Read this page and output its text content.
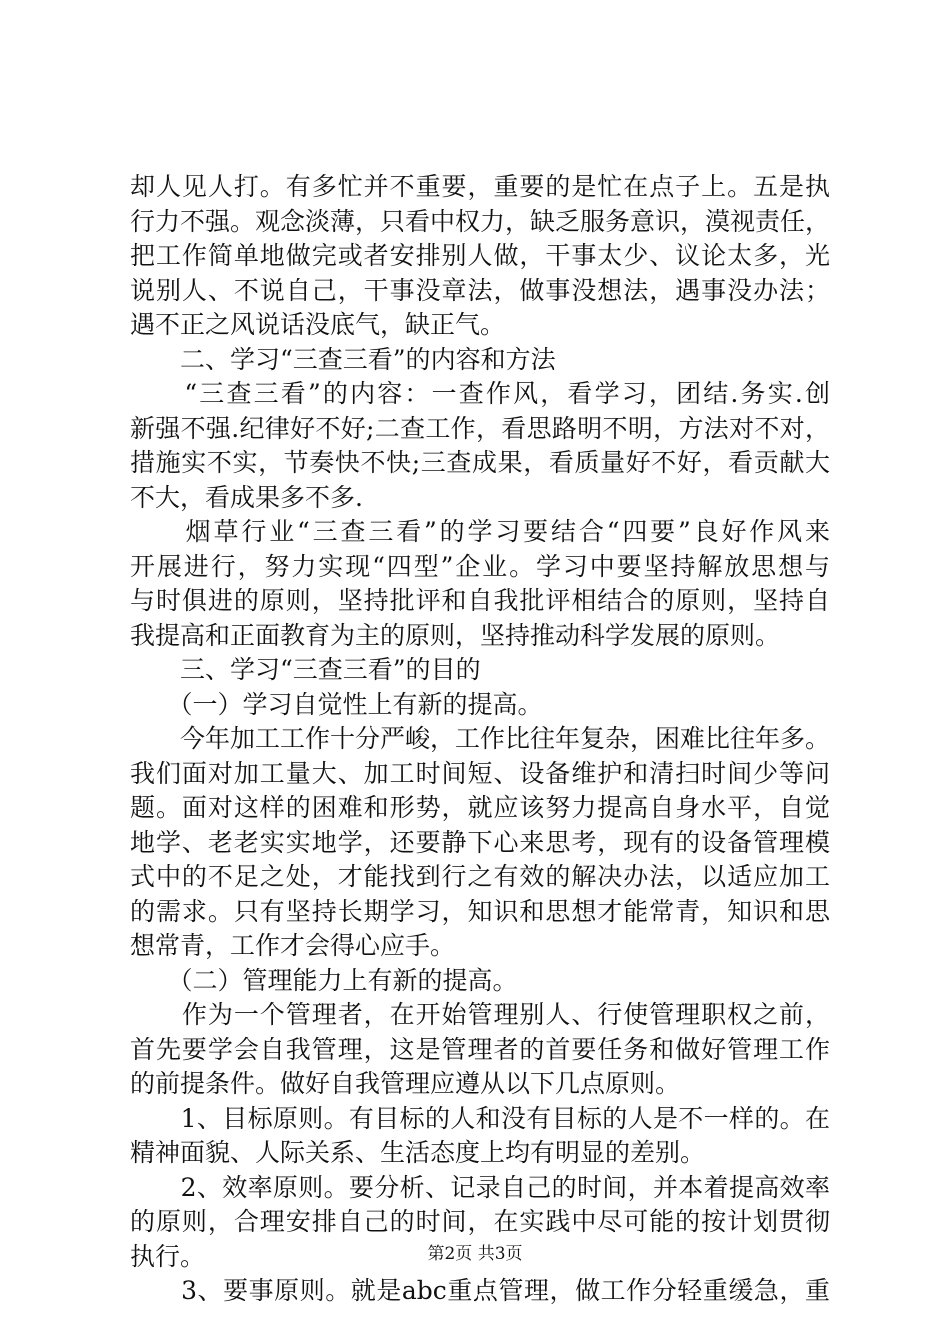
却人见人打。有多忙并不重要，重要的是忙在点子上。五是执
行力不强。观念淡薄，只看中权力，缺乏服务意识，漠视责任，
把工作简单地做完或者安排别人做，干事太少、议论太多，光
说别人、不说自己，干事没章法，做事没想法，遇事没办法；
遇不正之风说话没底气，缺正气。
　　二、学习“三查三看”的内容和方法
　　“三查三看”的内容：一查作风，看学习，团结.务实.创
新强不强.纪律好不好;二查工作，看思路明不明，方法对不对，
措施实不实，节奏快不快;三查成果，看质量好不好，看贡献大
不大，看成果多不多.
　　烟草行业“三查三看”的学习要结合“四要”良好作风来
开展进行，努力实现“四型”企业。学习中要坚持解放思想与
与时俱进的原则，坚持批评和自我批评相结合的原则，坚持自
我提高和正面教育为主的原则，坚持推动科学发展的原则。
　　三、学习“三查三看”的目的
　　（一）学习自觉性上有新的提高。
　　今年加工工作十分严峻，工作比往年复杂，困难比往年多。
我们面对加工量大、加工时间短、设备维护和清扫时间少等问
题。面对这样的困难和形势，就应该努力提高自身水平，自觉
地学、老老实实地学，还要静下心来思考，现有的设备管理模
式中的不足之处，才能找到行之有效的解决办法，以适应加工
的需求。只有坚持长期学习，知识和思想才能常青，知识和思
想常青，工作才会得心应手。
　　（二）管理能力上有新的提高。
　　作为一个管理者，在开始管理别人、行使管理职权之前，
首先要学会自我管理，这是管理者的首要任务和做好管理工作
的前提条件。做好自我管理应遵从以下几点原则。
　　1、目标原则。有目标的人和没有目标的人是不一样的。在
精神面貌、人际关系、生活态度上均有明显的差别。
　　2、效率原则。要分析、记录自己的时间，并本着提高效率
的原则，合理安排自己的时间，在实践中尽可能的按计划贯彻
执行。
　　3、要事原则。就是abc重点管理，做工作分轻重缓急，重
第2页 共3页
